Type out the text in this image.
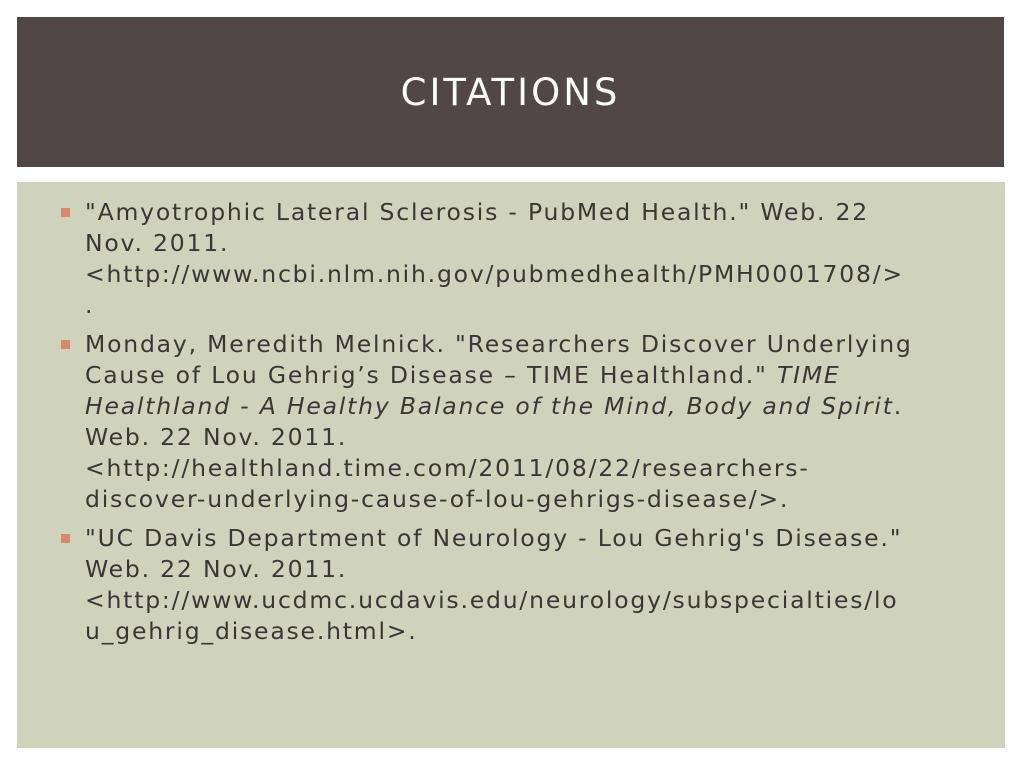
CITATIONS
"Amyotrophic Lateral Sclerosis - PubMed Health." Web. 22
Nov. 2011.
<http://www.ncbi.nlm.nih.gov/pubmedhealth/PMH0001708/>
.
Monday, Meredith Melnick. "Researchers Discover Underlying
Cause of Lou Gehrig’s Disease – TIME Healthland." TIME
Healthland - A Healthy Balance of the Mind, Body and Spirit.
Web. 22 Nov. 2011.
<http://healthland.time.com/2011/08/22/researchers-
discover-underlying-cause-of-lou-gehrigs-disease/>.
"UC Davis Department of Neurology - Lou Gehrig's Disease."
Web. 22 Nov. 2011.
<http://www.ucdmc.ucdavis.edu/neurology/subspecialties/lo
u_gehrig_disease.html>.
